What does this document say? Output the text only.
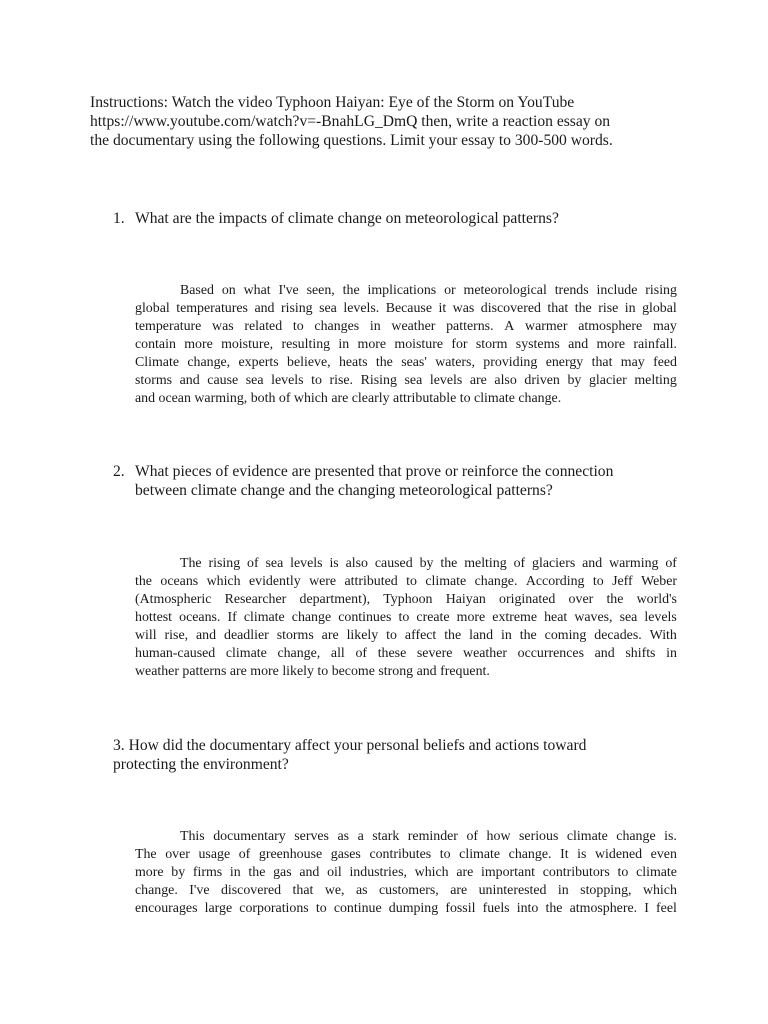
Instructions: Watch the video Typhoon Haiyan: Eye of the Storm on YouTube
https://www.youtube.com/watch?v=-BnahLG_DmQ then, write a reaction essay on
the documentary using the following questions. Limit your essay to 300-500 words.
1. What are the impacts of climate change on meteorological patterns?
Based on what I've seen, the implications or meteorological trends include rising
global temperatures and rising sea levels. Because it was discovered that the rise in global
temperature was related to changes in weather patterns. A warmer atmosphere may
contain more moisture, resulting in more moisture for storm systems and more rainfall.
Climate change, experts believe, heats the seas' waters, providing energy that may feed
storms and cause sea levels to rise. Rising sea levels are also driven by glacier melting
and ocean warming, both of which are clearly attributable to climate change.
2. What pieces of evidence are presented that prove or reinforce the connection
between climate change and the changing meteorological patterns?
The rising of sea levels is also caused by the melting of glaciers and warming of
the oceans which evidently were attributed to climate change. According to Jeff Weber
(Atmospheric Researcher department), Typhoon Haiyan originated over the world's
hottest oceans. If climate change continues to create more extreme heat waves, sea levels
will rise, and deadlier storms are likely to affect the land in the coming decades. With
human-caused climate change, all of these severe weather occurrences and shifts in
weather patterns are more likely to become strong and frequent.
3. How did the documentary affect your personal beliefs and actions toward
protecting the environment?
This documentary serves as a stark reminder of how serious climate change is.
The over usage of greenhouse gases contributes to climate change. It is widened even
more by firms in the gas and oil industries, which are important contributors to climate
change. I've discovered that we, as customers, are uninterested in stopping, which
encourages large corporations to continue dumping fossil fuels into the atmosphere. I feel
